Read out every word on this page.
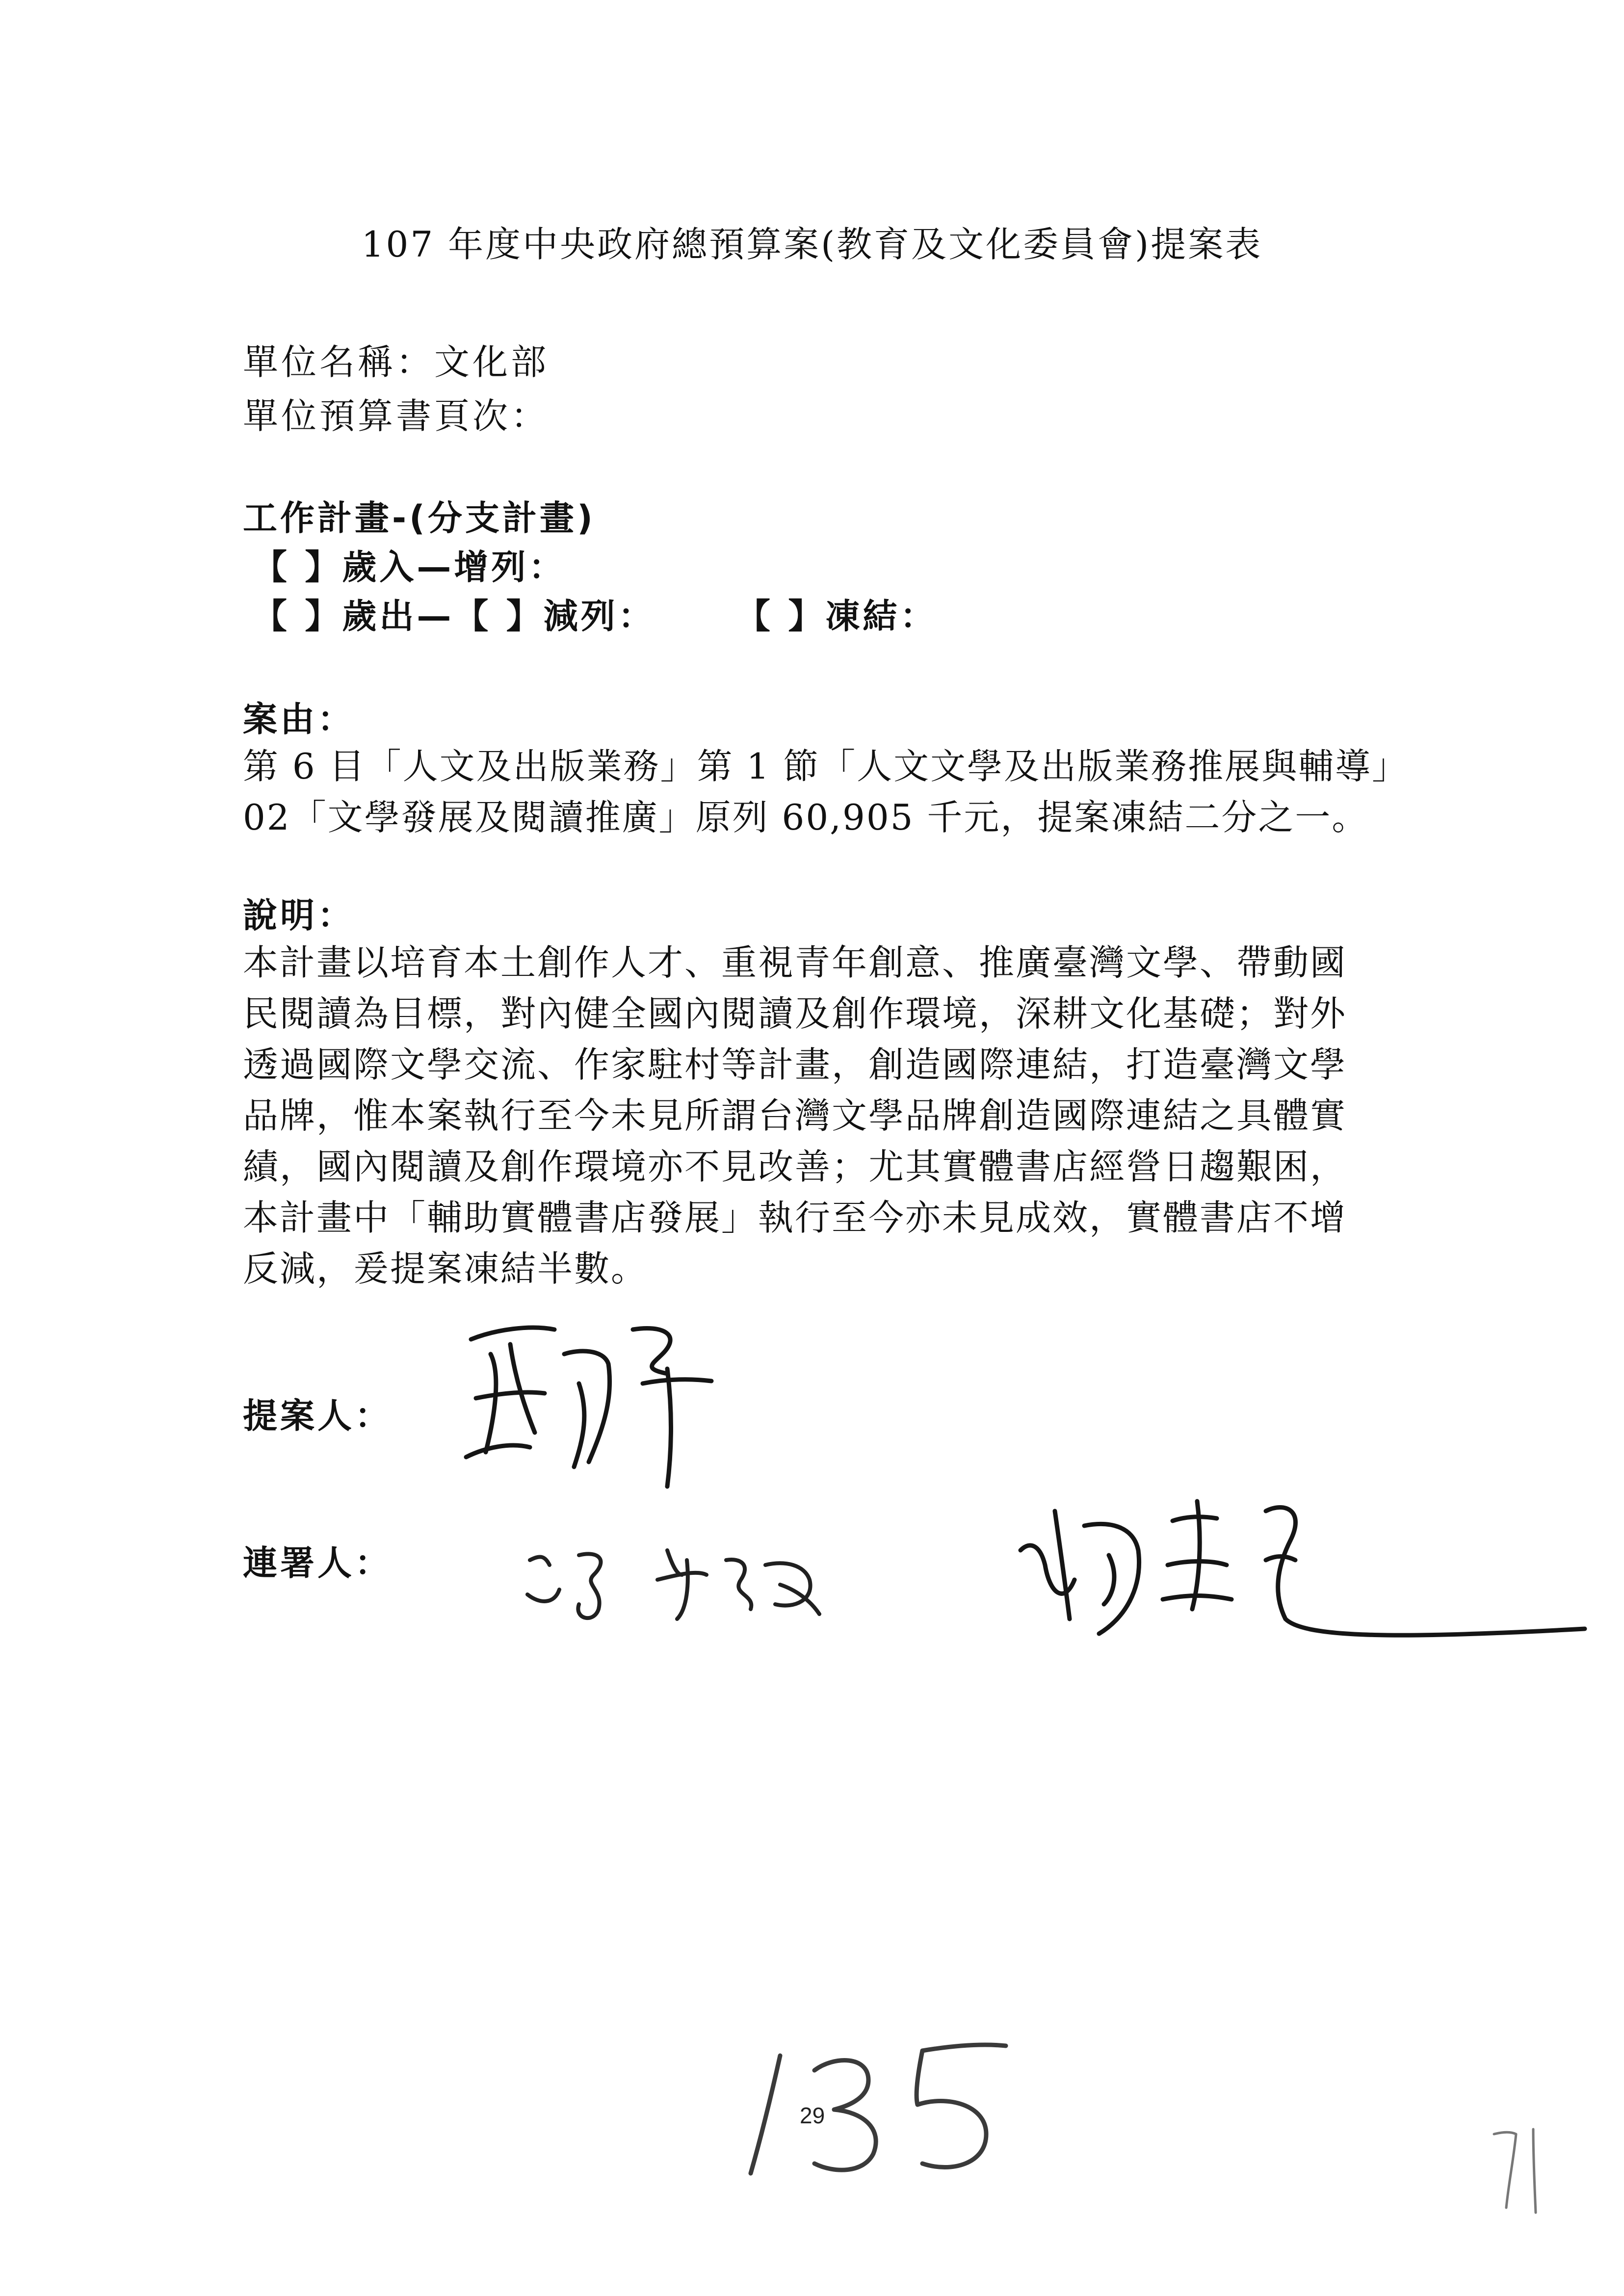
107 年度中央政府總預算案(教育及文化委員會)提案表
單位名稱：文化部
單位預算書頁次：
工作計畫-(分支計畫)
【 】歲入—增列：
【 】歲出—【 】減列： 【 】凍結：
案由：
第 6 目「人文及出版業務」第 1 節「人文文學及出版業務推展與輔導」
02「文學發展及閱讀推廣」原列 60,905 千元，提案凍結二分之一。
說明：
本計畫以培育本土創作人才、重視青年創意、推廣臺灣文學、帶動國
民閱讀為目標，對內健全國內閱讀及創作環境，深耕文化基礎；對外
透過國際文學交流、作家駐村等計畫，創造國際連結，打造臺灣文學
品牌，惟本案執行至今未見所謂台灣文學品牌創造國際連結之具體實
績，國內閱讀及創作環境亦不見改善；尤其實體書店經營日趨艱困，
本計畫中「輔助實體書店發展」執行至今亦未見成效，實體書店不增
反減，爰提案凍結半數。
提案人：
連署人：
29
